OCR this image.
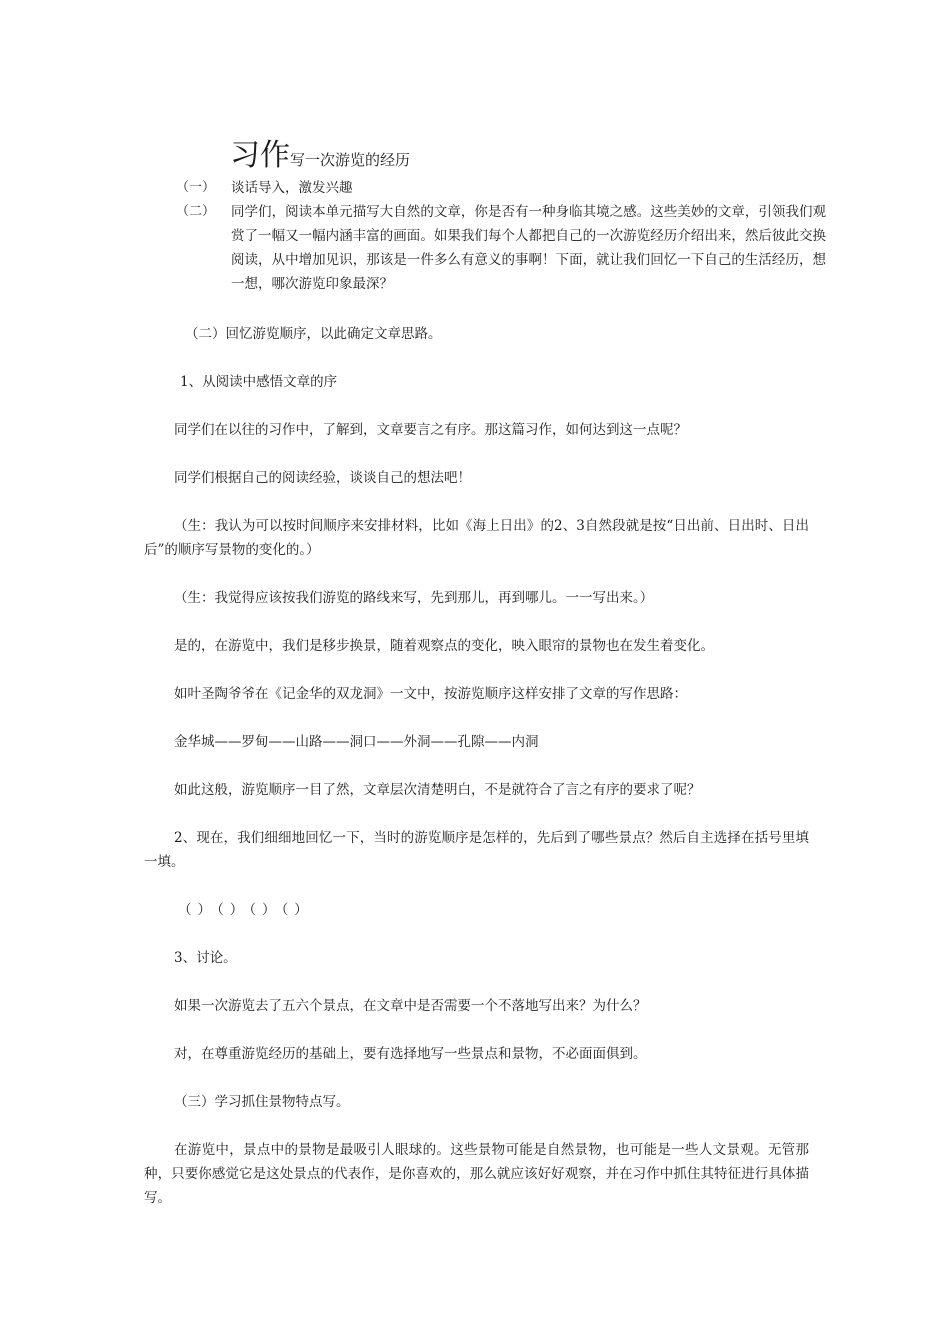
习作写一次游览的经历
（一）	谈话导入，激发兴趣
（二）	同学们，阅读本单元描写大自然的文章，你是否有一种身临其境之感。这些美妙的文章，引领我们观赏了一幅又一幅内涵丰富的画面。如果我们每个人都把自己的一次游览经历介绍出来，然后彼此交换阅读，从中增加见识，那该是一件多么有意义的事啊！下面，就让我们回忆一下自己的生活经历，想一想，哪次游览印象最深？
（二）回忆游览顺序，以此确定文章思路。
1、从阅读中感悟文章的序
同学们在以往的习作中，了解到，文章要言之有序。那这篇习作，如何达到这一点呢？
同学们根据自己的阅读经验，谈谈自己的想法吧！
（生：我认为可以按时间顺序来安排材料，比如《海上日出》的2、3自然段就是按“日出前、日出时、日出后”的顺序写景物的变化的。）
（生：我觉得应该按我们游览的路线来写，先到那儿，再到哪儿。一一写出来。）
是的，在游览中，我们是移步换景，随着观察点的变化，映入眼帘的景物也在发生着变化。
如叶圣陶爷爷在《记金华的双龙洞》一文中，按游览顺序这样安排了文章的写作思路：
金华城——罗甸——山路——洞口——外洞——孔隙——内洞
如此这般，游览顺序一目了然，文章层次清楚明白，不是就符合了言之有序的要求了呢？
2、现在，我们细细地回忆一下，当时的游览顺序是怎样的，先后到了哪些景点？然后自主选择在括号里填一填。
（）（）（）（）
3、讨论。
如果一次游览去了五六个景点，在文章中是否需要一个不落地写出来？为什么？
对，在尊重游览经历的基础上，要有选择地写一些景点和景物，不必面面俱到。
（三）学习抓住景物特点写。
在游览中，景点中的景物是最吸引人眼球的。这些景物可能是自然景物，也可能是一些人文景观。无管那种，只要你感觉它是这处景点的代表作，是你喜欢的，那么就应该好好观察，并在习作中抓住其特征进行具体描写。
